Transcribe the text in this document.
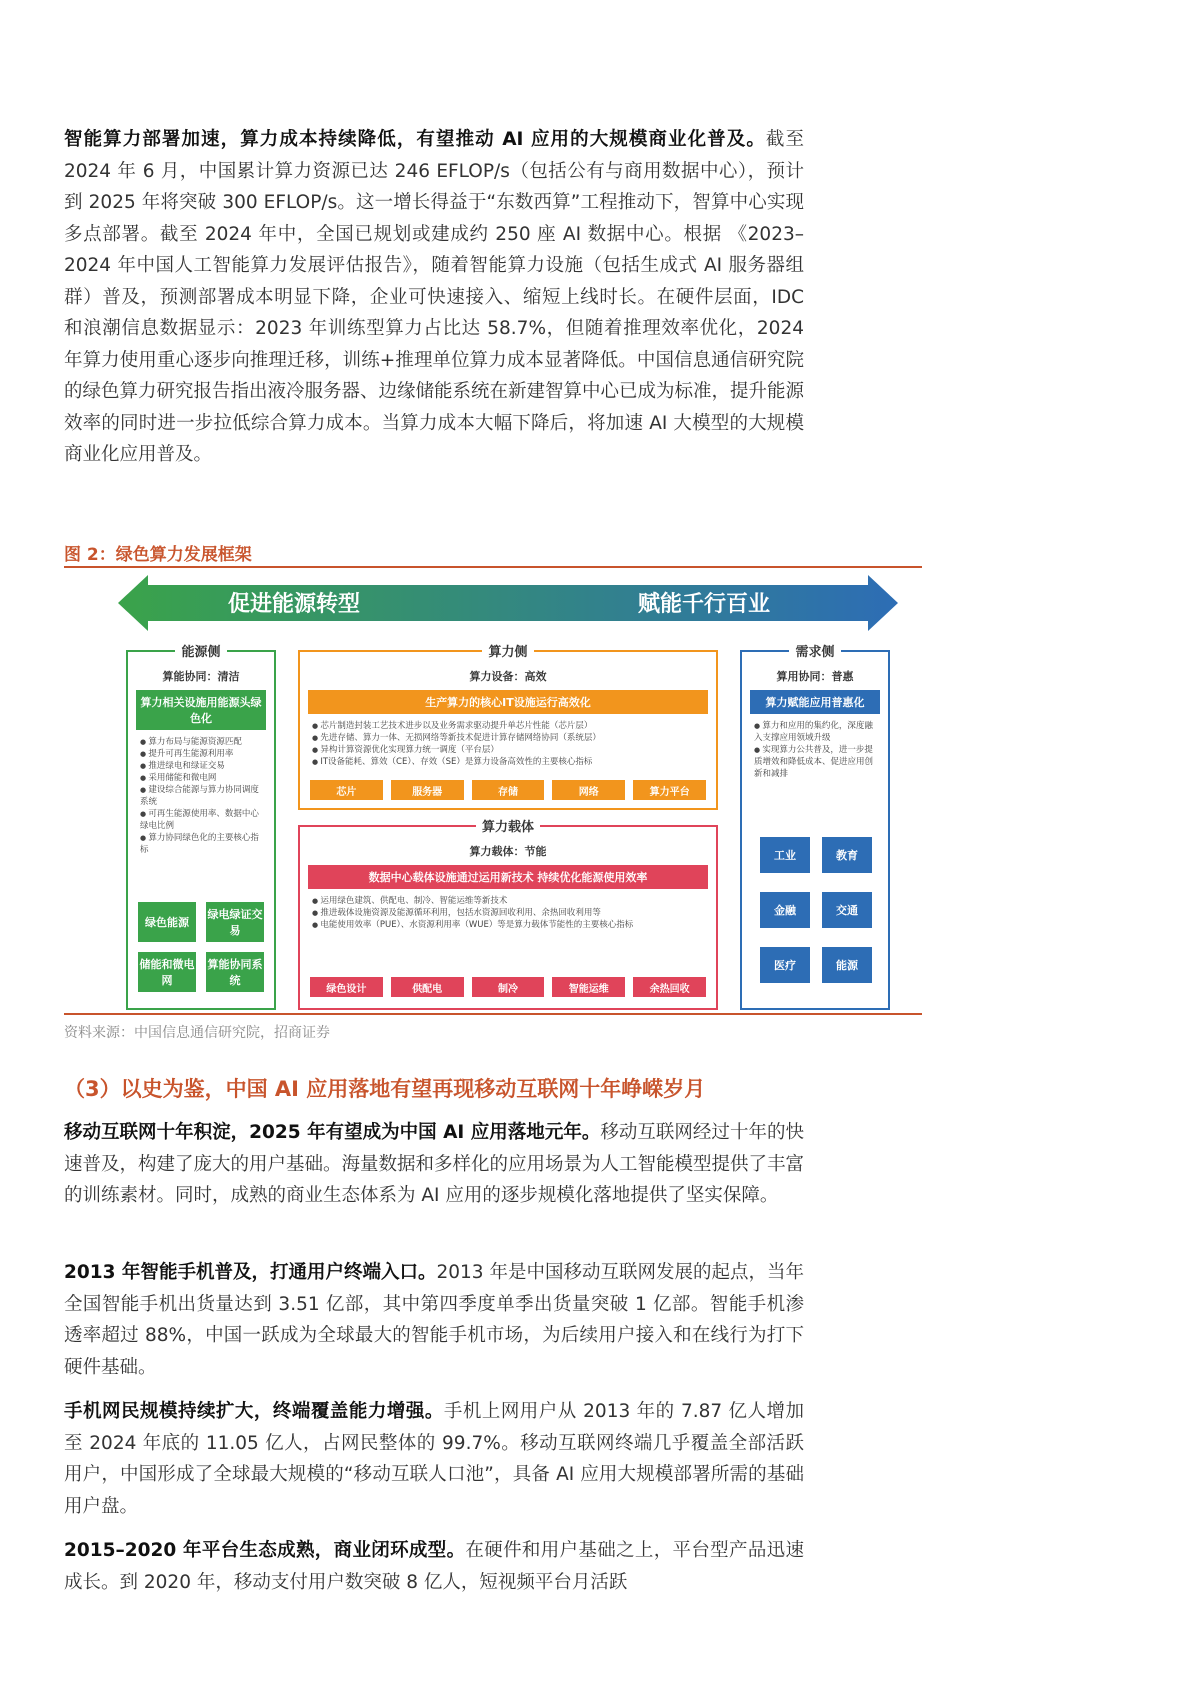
智能算力部署加速，算力成本持续降低，有望推动 AI 应用的大规模商业化普及。截至 2024 年 6 月，中国累计算力资源已达 246 EFLOP/s（包括公有与商用数据中心），预计到 2025 年将突破 300 EFLOP/s。这一增长得益于“东数西算”工程推动下，智算中心实现多点部署。截至 2024 年中，全国已规划或建成约 250 座 AI 数据中心。根据 《2023–2024 年中国人工智能算力发展评估报告》，随着智能算力设施（包括生成式 AI 服务器组群）普及，预测部署成本明显下降，企业可快速接入、缩短上线时长。在硬件层面，IDC 和浪潮信息数据显示：2023 年训练型算力占比达 58.7%，但随着推理效率优化，2024 年算力使用重心逐步向推理迁移，训练+推理单位算力成本显著降低。中国信息通信研究院的绿色算力研究报告指出液冷服务器、边缘储能系统在新建智算中心已成为标准，提升能源效率的同时进一步拉低综合算力成本。当算力成本大幅下降后，将加速 AI 大模型的大规模商业化应用普及。

图 2：绿色算力发展框架
促进能源转型	赋能千行百业
能源侧
算能协同：清洁
算力相关设施用能源头绿色化
● 算力布局与能源资源匹配
● 提升可再生能源利用率
● 推进绿电和绿证交易
● 采用储能和微电网
● 建设综合能源与算力协同调度系统
● 可再生能源使用率、数据中心绿电比例
● 算力协同绿色化的主要核心指标
绿色能源
绿电绿证交易
储能和微电网
算能协同系统
算力侧
算力设备：高效
生产算力的核心IT设施运行高效化
● 芯片制造封装工艺技术进步以及业务需求驱动提升单芯片性能（芯片层）
● 先进存储、算力一体、无损网络等新技术促进计算存储网络协同（系统层）
● 异构计算资源优化实现算力统一调度（平台层）
● IT设备能耗、算效（CE）、存效（SE）是算力设备高效性的主要核心指标
芯片	服务器	存储	网络	算力平台
算力载体
算力载体：节能
数据中心载体设施通过运用新技术 持续优化能源使用效率
● 运用绿色建筑、供配电、制冷、智能运维等新技术
● 推进载体设施资源及能源循环利用，包括水资源回收利用、余热回收利用等
● 电能使用效率（PUE）、水资源利用率（WUE）等是算力载体节能性的主要核心指标
绿色设计	供配电	制冷	智能运维	余热回收
需求侧
算用协同：普惠
算力赋能应用普惠化
● 算力和应用的集约化，深度融入支撑应用领域升级
● 实现算力公共普及，进一步提质增效和降低成本、促进应用创新和减排
工业	教育
金融	交通
医疗	能源
资料来源：中国信息通信研究院，招商证券
（3）以史为鉴，中国 AI 应用落地有望再现移动互联网十年峥嵘岁月

移动互联网十年积淀，2025 年有望成为中国 AI 应用落地元年。移动互联网经过十年的快速普及，构建了庞大的用户基础。海量数据和多样化的应用场景为人工智能模型提供了丰富的训练素材。同时，成熟的商业生态体系为 AI 应用的逐步规模化落地提供了坚实保障。

2013 年智能手机普及，打通用户终端入口。2013 年是中国移动互联网发展的起点，当年全国智能手机出货量达到 3.51 亿部，其中第四季度单季出货量突破 1 亿部。智能手机渗透率超过 88%，中国一跃成为全球最大的智能手机市场，为后续用户接入和在线行为打下硬件基础。

手机网民规模持续扩大，终端覆盖能力增强。手机上网用户从 2013 年的 7.87 亿人增加至 2024 年底的 11.05 亿人，占网民整体的 99.7%。移动互联网终端几乎覆盖全部活跃用户，中国形成了全球最大规模的“移动互联人口池”，具备 AI 应用大规模部署所需的基础用户盘。

2015–2020 年平台生态成熟，商业闭环成型。在硬件和用户基础之上，平台型产品迅速成长。到 2020 年，移动支付用户数突破 8 亿人，短视频平台月活跃
